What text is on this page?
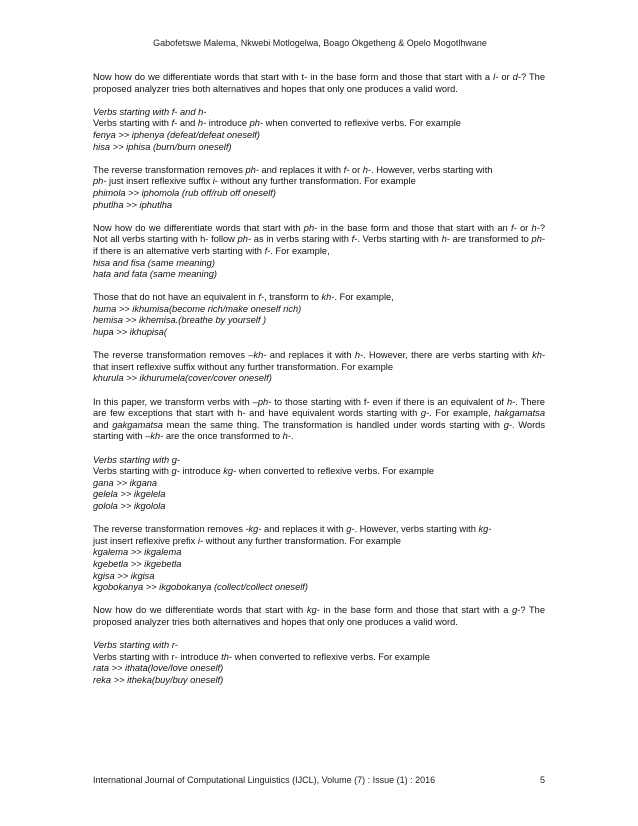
Gabofetswe Malema, Nkwebi Motlogelwa, Boago Okgetheng & Opelo Mogotlhwane
Now how do we differentiate words that start with t- in the base form and those that start with a l- or d-? The proposed analyzer tries both alternatives and hopes that only one produces a valid word.
Verbs starting with f- and h-
Verbs starting with f- and h- introduce ph- when converted to reflexive verbs. For example
fenya >> iphenya (defeat/defeat oneself)
hisa >> iphisa (burn/burn oneself)
The reverse transformation removes ph- and replaces it with f- or h-. However, verbs starting with
ph- just insert reflexive suffix i- without any further transformation. For example
phimola >> iphomola (rub off/rub off oneself)
phutlha >> iphutlha
Now how do we differentiate words that start with ph- in the base form and those that start with an f- or h-? Not all verbs starting with h- follow ph- as in verbs staring with f-. Verbs starting with h- are transformed to ph- if there is an alternative verb starting with f-. For example,
hisa and fisa (same meaning)
hata and fata (same meaning)
Those that do not have an equivalent in f-, transform to kh-. For example,
huma >> ikhumisa(become rich/make oneself rich)
hemisa >> ikhemisa.(breathe by yourself )
hupa >> ikhupisa(
The reverse transformation removes –kh- and replaces it with h-. However, there are verbs starting with kh- that insert reflexive suffix without any further transformation. For example
khurula >> ikhurumela(cover/cover oneself)
In this paper, we transform verbs with –ph- to those starting with f- even if there is an equivalent of h-. There are few exceptions that start with h- and have equivalent words starting with g-. For example, hakgamatsa and gakgamatsa mean the same thing. The transformation is handled under words starting with g-. Words starting with –kh- are the once transformed to h-.
Verbs starting with g-
Verbs starting with g- introduce kg- when converted to reflexive verbs. For example
gana >> ikgana
gelela >> ikgelela
golola >> ikgolola
The reverse transformation removes -kg- and replaces it with g-. However, verbs starting with kg-
just insert reflexive prefix i- without any further transformation. For example
kgalema >> ikgalema
kgebetla >> ikgebetla
kgisa >> ikgisa
kgobokanya >> ikgobokanya (collect/collect oneself)
Now how do we differentiate words that start with kg- in the base form and those that start with a g-? The proposed analyzer tries both alternatives and hopes that only one produces a valid word.
Verbs starting with r-
Verbs starting with r- introduce th- when converted to reflexive verbs. For example
rata >> ithata(love/love oneself)
reka >> itheka(buy/buy oneself)
International Journal of Computational Linguistics (IJCL), Volume (7) : Issue (1) : 2016	5
